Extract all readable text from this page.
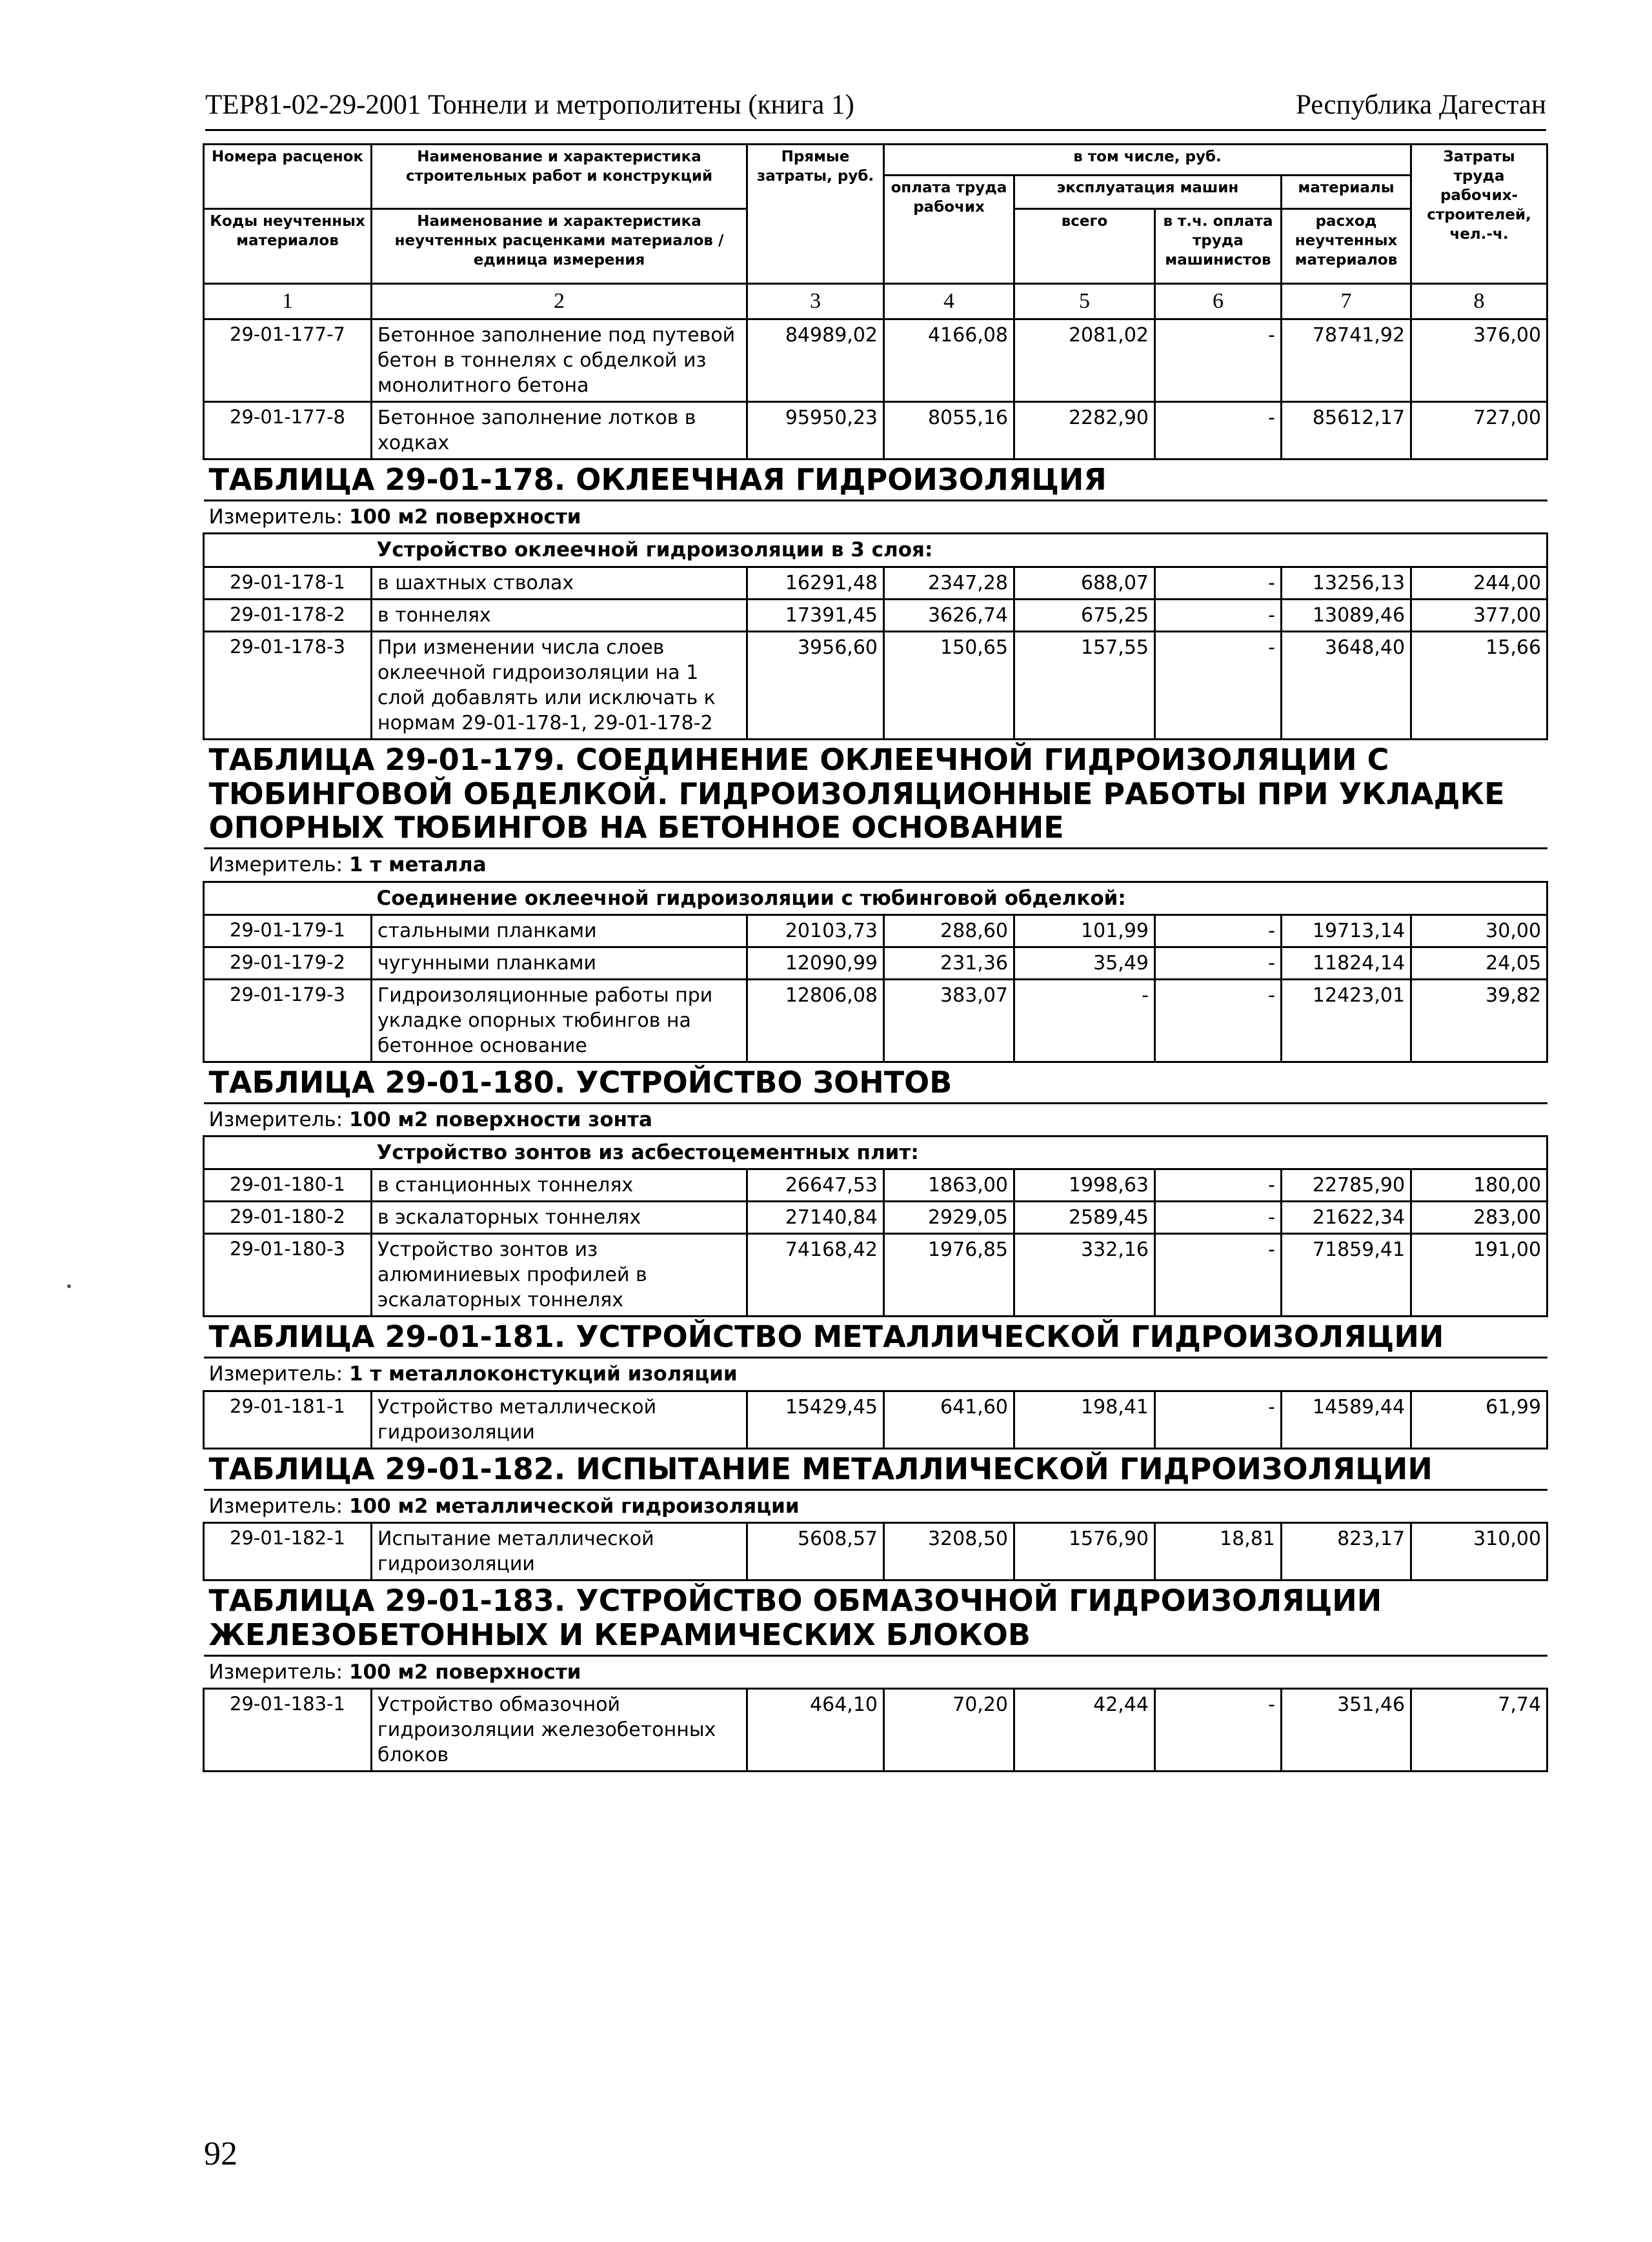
ТЕР81-02-29-2001 Тоннели и метрополитены (книга 1)	Республика Дагестан
Номера расценок	Наименование и характеристика строительных работ и конструкций	Прямые затраты, руб.	в том числе, руб.				Затраты труда рабочих-строителей, чел.-ч.
			оплата труда рабочих	эксплуатация машин		материалы	
Коды неучтенных материалов	Наименование и характеристика неучтенных расценками материалов / единица измерения			всего	в т.ч. оплата труда машинистов	расход неучтенных материалов	

1	2	3	4	5	6	7	8
29-01-177-7	Бетонное заполнение под путевой бетон в тоннелях с обделкой из монолитного бетона	84989,02	4166,08	2081,02	-	78741,92	376,00
29-01-177-8	Бетонное заполнение лотков в ходках	95950,23	8055,16	2282,90	-	85612,17	727,00
ТАБЛИЦА 29-01-178. ОКЛЕЕЧНАЯ ГИДРОИЗОЛЯЦИЯ							
Измеритель: 100 м2 поверхности							
	Устройство оклеечной гидроизоляции в 3 слоя:						
29-01-178-1	в шахтных стволах	16291,48	2347,28	688,07	-	13256,13	244,00
29-01-178-2	в тоннелях	17391,45	3626,74	675,25	-	13089,46	377,00
29-01-178-3	При изменении числа слоев оклеечной гидроизоляции на 1 слой добавлять или исключать к нормам 29-01-178-1, 29-01-178-2	3956,60	150,65	157,55	-	3648,40	15,66
ТАБЛИЦА 29-01-179. СОЕДИНЕНИЕ ОКЛЕЕЧНОЙ ГИДРОИЗОЛЯЦИИ С ТЮБИНГОВОЙ ОБДЕЛКОЙ. ГИДРОИЗОЛЯЦИОННЫЕ РАБОТЫ ПРИ УКЛАДКЕ ОПОРНЫХ ТЮБИНГОВ НА БЕТОННОЕ ОСНОВАНИЕ							
Измеритель: 1 т металла							
	Соединение оклеечной гидроизоляции с тюбинговой обделкой:						
29-01-179-1	стальными планками	20103,73	288,60	101,99	-	19713,14	30,00
29-01-179-2	чугунными планками	12090,99	231,36	35,49	-	11824,14	24,05
29-01-179-3	Гидроизоляционные работы при укладке опорных тюбингов на бетонное основание	12806,08	383,07	-	-	12423,01	39,82
ТАБЛИЦА 29-01-180. УСТРОЙСТВО ЗОНТОВ							
Измеритель: 100 м2 поверхности зонта							
	Устройство зонтов из асбестоцементных плит:						
29-01-180-1	в станционных тоннелях	26647,53	1863,00	1998,63	-	22785,90	180,00
29-01-180-2	в эскалаторных тоннелях	27140,84	2929,05	2589,45	-	21622,34	283,00
29-01-180-3	Устройство зонтов из алюминиевых профилей в эскалаторных тоннелях	74168,42	1976,85	332,16	-	71859,41	191,00
ТАБЛИЦА 29-01-181. УСТРОЙСТВО МЕТАЛЛИЧЕСКОЙ ГИДРОИЗОЛЯЦИИ							
Измеритель: 1 т металлоконстукций изоляции							
29-01-181-1	Устройство металлической гидроизоляции	15429,45	641,60	198,41	-	14589,44	61,99
ТАБЛИЦА 29-01-182. ИСПЫТАНИЕ МЕТАЛЛИЧЕСКОЙ ГИДРОИЗОЛЯЦИИ							
Измеритель: 100 м2 металлической гидроизоляции							
29-01-182-1	Испытание металлической гидроизоляции	5608,57	3208,50	1576,90	18,81	823,17	310,00
ТАБЛИЦА 29-01-183. УСТРОЙСТВО ОБМАЗОЧНОЙ ГИДРОИЗОЛЯЦИИ ЖЕЛЕЗОБЕТОННЫХ И КЕРАМИЧЕСКИХ БЛОКОВ							
Измеритель: 100 м2 поверхности							
29-01-183-1	Устройство обмазочной гидроизоляции железобетонных блоков	464,10	70,20	42,44	-	351,46	7,74
92
